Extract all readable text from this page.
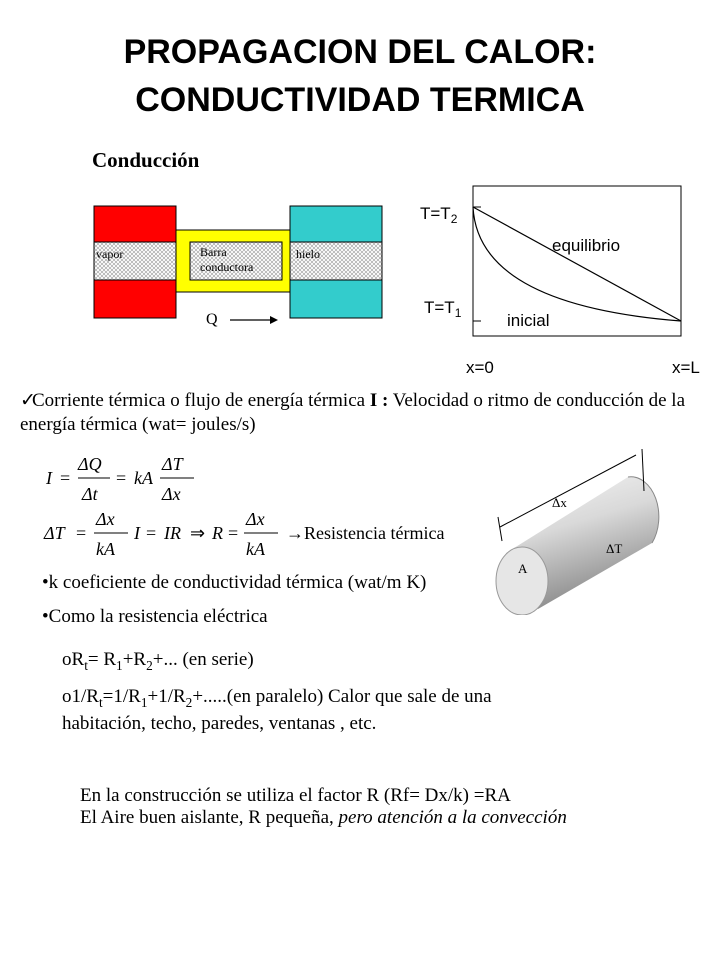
PROPAGACION DEL CALOR:
CONDUCTIVIDAD TERMICA
Conducción
vapor	Barra
conductora
hielo
Q
$T=T_2$
$T=T_1$
equilibrio
inicial
x=0	x=L
✓Corriente térmica o flujo de energía térmica I : Velocidad o ritmo de conducción de la energía térmica (wat= joules/s)
I =
ΔQ
Δt
= kA
ΔT
Δx
ΔT =
Δx
kA
I = IR ⇒ R =
Δx
kA
→ Resistencia térmica
Δx
A
ΔT
•k coeficiente de conductividad térmica (wat/m K)
•Como la resistencia eléctrica
$oR_t= R_1+R_2+$... (en serie)
$o1/R_t=1/R_1+1/R_2+.....(en$ paralelo) Calor que sale de una
habitación, techo, paredes, ventanas , etc.
En la construcción se utiliza el factor R (Rf= Dx/k) =RA
El Aire buen aislante, R pequeña, pero atención a la convección
